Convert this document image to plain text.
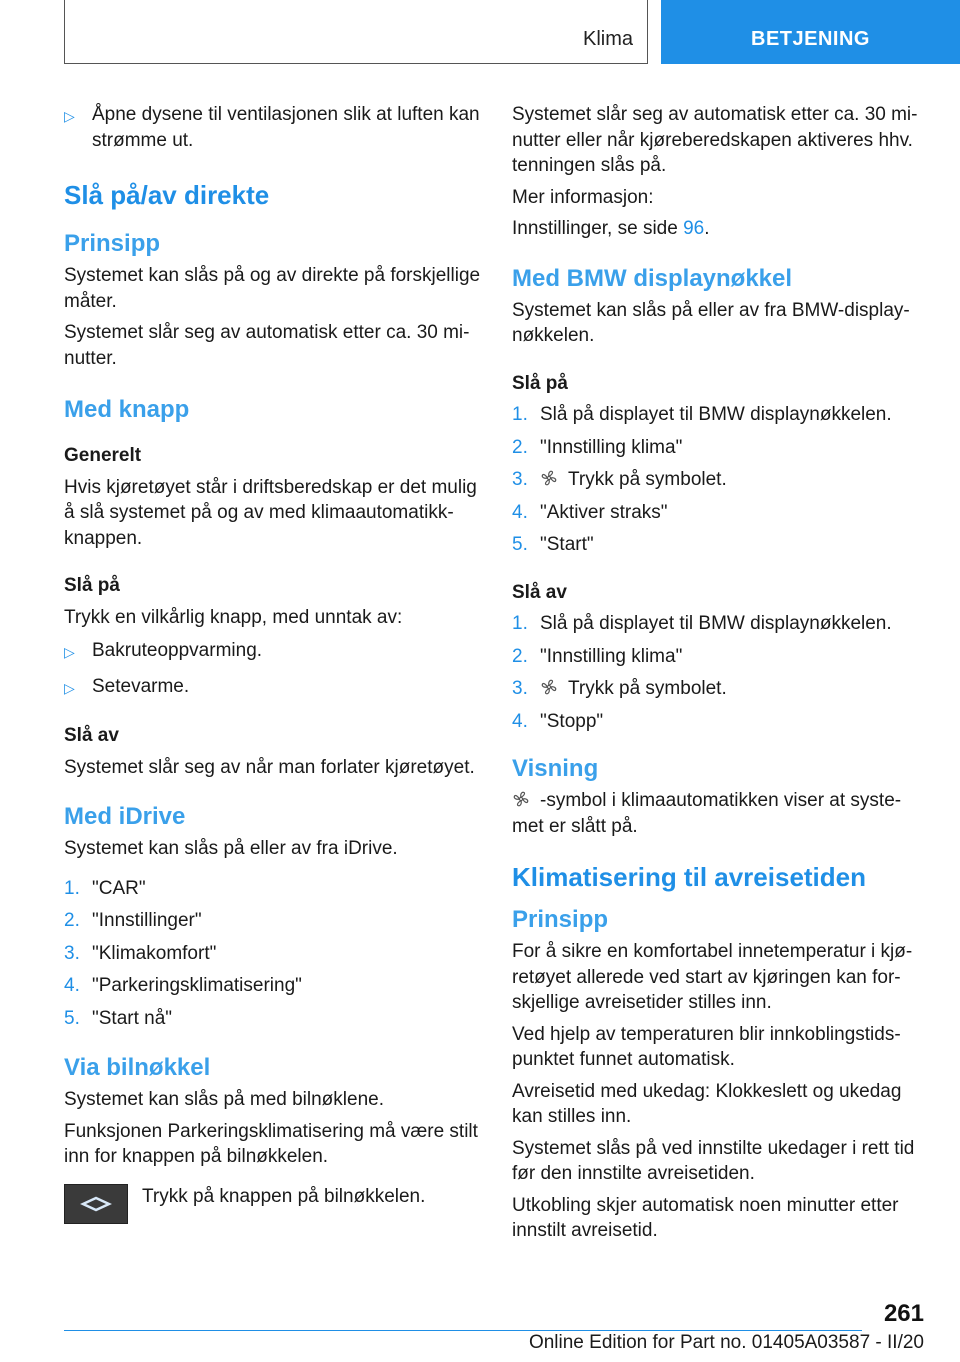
Klima	BETJENING
▷ Åpne dysene til ventilasjonen slik at luften kan strømme ut.
Slå på/av direkte
Prinsipp

Systemet kan slås på og av direkte på forskjellige måter.

Systemet slår seg av automatisk etter ca. 30 mi‐nutter.

Med knapp
Generelt

Hvis kjøretøyet står i driftsberedskap er det mulig å slå systemet på og av med klimaautomatikk‐knappen.

Slå på

Trykk en vilkårlig knapp, med unntak av:

▷ Bakruteoppvarming.
▷ Setevarme.
Slå av

Systemet slår seg av når man forlater kjøretøyet.

Med iDrive

Systemet kan slås på eller av fra iDrive.

1. "CAR"
2. "Innstillinger"
3. "Klimakomfort"
4. "Parkeringsklimatisering"
5. "Start nå"
Via bilnøkkel

Systemet kan slås på med bilnøklene.

Funksjonen Parkeringsklimatisering må være stilt inn for knappen på bilnøkkelen.

Trykk på knappen på bilnøkkelen.

Systemet slår seg av automatisk etter ca. 30 mi‐nutter eller når kjøreberedskapen aktiveres hhv. tenningen slås på.

Mer informasjon:

Innstillinger, se side 96.

Med BMW displaynøkkel

Systemet kan slås på eller av fra BMW-display‐nøkkelen.

Slå på
1. Slå på displayet til BMW displaynøkkelen.
2. "Innstilling klima"
3.	Trykk på symbolet.
4. "Aktiver straks"
5. "Start"
Slå av
1. Slå på displayet til BMW displaynøkkelen.
2. "Innstilling klima"
3.	Trykk på symbolet.
4. "Stopp"
Visning

-symbol i klimaautomatikken viser at syste‐met er slått på.

Klimatisering til avreisetiden
Prinsipp

For å sikre en komfortabel innetemperatur i kjø‐retøyet allerede ved start av kjøringen kan for‐skjellige avreisetider stilles inn.

Ved hjelp av temperaturen blir innkoblingstids‐punktet funnet automatisk.

Avreisetid med ukedag: Klokkeslett og ukedag kan stilles inn.

Systemet slås på ved innstilte ukedager i rett tid før den innstilte avreisetiden.

Utkobling skjer automatisk noen minutter etter innstilt avreisetid.

261
Online Edition for Part no. 01405A03587 - II/20
